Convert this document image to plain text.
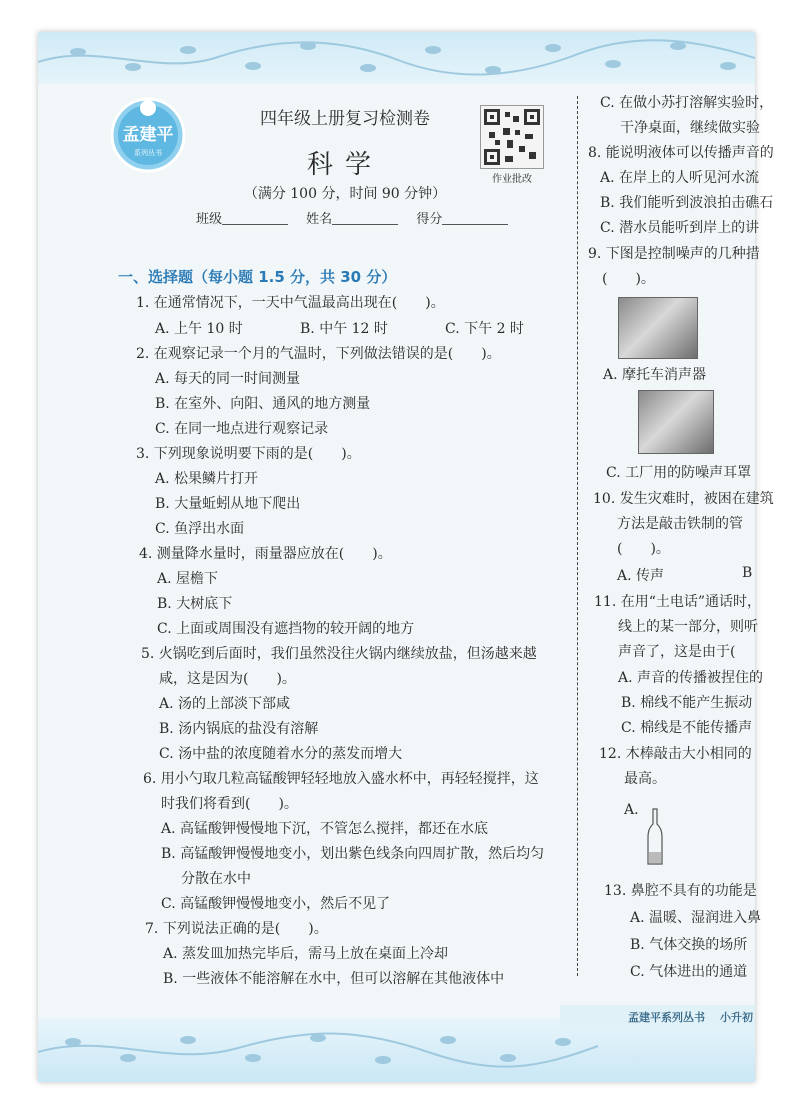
孟建平
系列丛书
四年级上册复习检测卷
科学
（满分 100 分，时间 90 分钟）
班级	姓名	得分
作业批改
一、选择题（每小题 1.5 分，共 30 分）
1. 在通常情况下，一天中气温最高出现在(　　)。
A. 上午 10 时	B. 中午 12 时	C. 下午 2 时
2. 在观察记录一个月的气温时，下列做法错误的是(　　)。
A. 每天的同一时间测量
B. 在室外、向阳、通风的地方测量
C. 在同一地点进行观察记录
3. 下列现象说明要下雨的是(　　)。
A. 松果鳞片打开
B. 大量蚯蚓从地下爬出
C. 鱼浮出水面
4. 测量降水量时，雨量器应放在(　　)。
A. 屋檐下
B. 大树底下
C. 上面或周围没有遮挡物的较开阔的地方
5. 火锅吃到后面时，我们虽然没往火锅内继续放盐，但汤越来越
咸，这是因为(　　)。
A. 汤的上部淡下部咸
B. 汤内锅底的盐没有溶解
C. 汤中盐的浓度随着水分的蒸发而增大
6. 用小勺取几粒高锰酸钾轻轻地放入盛水杯中，再轻轻搅拌，这
时我们将看到(　　)。
A. 高锰酸钾慢慢地下沉，不管怎么搅拌，都还在水底
B. 高锰酸钾慢慢地变小，划出紫色线条向四周扩散，然后均匀
分散在水中
C. 高锰酸钾慢慢地变小，然后不见了
7. 下列说法正确的是(　　)。
A. 蒸发皿加热完毕后，需马上放在桌面上冷却
B. 一些液体不能溶解在水中，但可以溶解在其他液体中
C. 在做小苏打溶解实验时，
干净桌面，继续做实验
8. 能说明液体可以传播声音的
A. 在岸上的人听见河水流
B. 我们能听到波浪拍击礁石
C. 潜水员能听到岸上的讲
9. 下图是控制噪声的几种措
(　　)。
A. 摩托车消声器
C. 工厂用的防噪声耳罩
10. 发生灾难时，被困在建筑
方法是敲击铁制的管
(　　)。
A. 传声	B
11. 在用“土电话”通话时，
线上的某一部分，则听
声音了，这是由于(
A. 声音的传播被捏住的
B. 棉线不能产生振动
C. 棉线是不能传播声
12. 木棒敲击大小相同的
最高。
A.
13. 鼻腔不具有的功能是
A. 温暖、湿润进入鼻
B. 气体交换的场所
C. 气体进出的通道
孟建平系列丛书 小升初
